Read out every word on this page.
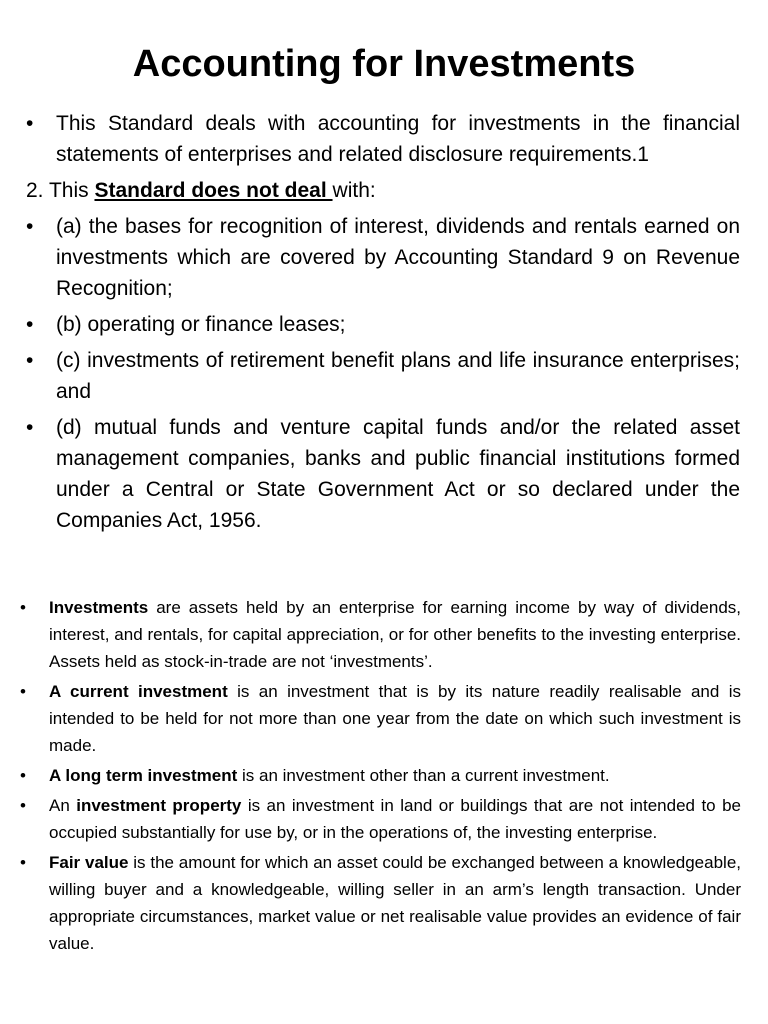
Accounting for Investments
•	This Standard deals with accounting for investments in the financial statements of enterprises and related disclosure requirements.1
2. This Standard does not deal with:
•	(a) the bases for recognition of interest, dividends and rentals earned on investments which are covered by Accounting Standard 9 on Revenue Recognition;
•	(b) operating or finance leases;
•	(c) investments of retirement benefit plans and life insurance enterprises; and
•	(d) mutual funds and venture capital funds and/or the related asset management companies, banks and public financial institutions formed under a Central or State Government Act or so declared under the Companies Act, 1956.
•	Investments are assets held by an enterprise for earning income by way of dividends, interest, and rentals, for capital appreciation, or for other benefits to the investing enterprise. Assets held as stock-in-trade are not ‘investments’.
•	A current investment is an investment that is by its nature readily realisable and is intended to be held for not more than one year from the date on which such investment is made.
•	A long term investment is an investment other than a current investment.
•	An investment property is an investment in land or buildings that are not intended to be occupied substantially for use by, or in the operations of, the investing enterprise.
•	Fair value is the amount for which an asset could be exchanged between a knowledgeable, willing buyer and a knowledgeable, willing seller in an arm’s length transaction. Under appropriate circumstances, market value or net realisable value provides an evidence of fair value.
